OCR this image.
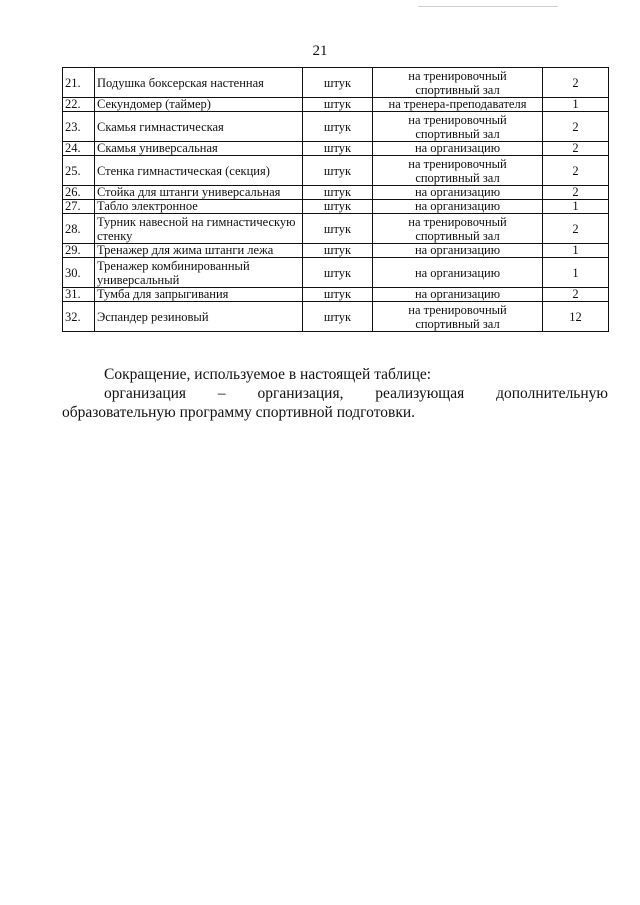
21
21.	Подушка боксерская настенная	штук	на тренировочный спортивный зал	2
22.	Секундомер (таймер)	штук	на тренера-преподавателя	1
23.	Скамья гимнастическая	штук	на тренировочный спортивный зал	2
24.	Скамья универсальная	штук	на организацию	2
25.	Стенка гимнастическая (секция)	штук	на тренировочный спортивный зал	2
26.	Стойка для штанги универсальная	штук	на организацию	2
27.	Табло электронное	штук	на организацию	1
28.	Турник навесной на гимнастическую стенку	штук	на тренировочный спортивный зал	2
29.	Тренажер для жима штанги лежа	штук	на организацию	1
30.	Тренажер комбинированный универсальный	штук	на организацию	1
31.	Тумба для запрыгивания	штук	на организацию	2
32.	Эспандер резиновый	штук	на тренировочный спортивный зал	12
Сокращение, используемое в настоящей таблице:
организация – организация, реализующая дополнительную образовательную программу спортивной подготовки.
